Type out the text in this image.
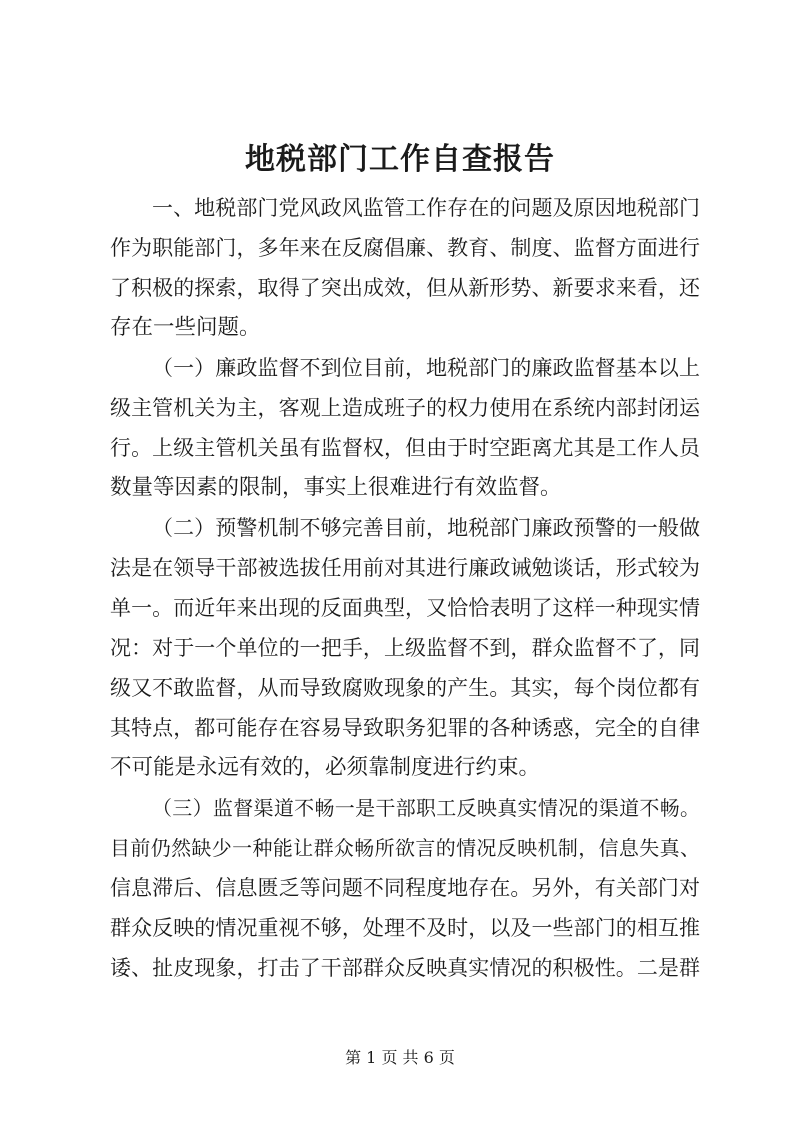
地税部门工作自查报告
一、地税部门党风政风监管工作存在的问题及原因地税部门
作为职能部门，多年来在反腐倡廉、教育、制度、监督方面进行
了积极的探索，取得了突出成效，但从新形势、新要求来看，还
存在一些问题。
（一）廉政监督不到位目前，地税部门的廉政监督基本以上
级主管机关为主，客观上造成班子的权力使用在系统内部封闭运
行。上级主管机关虽有监督权，但由于时空距离尤其是工作人员
数量等因素的限制，事实上很难进行有效监督。
（二）预警机制不够完善目前，地税部门廉政预警的一般做
法是在领导干部被选拔任用前对其进行廉政诫勉谈话，形式较为
单一。而近年来出现的反面典型，又恰恰表明了这样一种现实情
况：对于一个单位的一把手，上级监督不到，群众监督不了，同
级又不敢监督，从而导致腐败现象的产生。其实，每个岗位都有
其特点，都可能存在容易导致职务犯罪的各种诱惑，完全的自律
不可能是永远有效的，必须靠制度进行约束。
（三）监督渠道不畅一是干部职工反映真实情况的渠道不畅。
目前仍然缺少一种能让群众畅所欲言的情况反映机制，信息失真、
信息滞后、信息匮乏等问题不同程度地存在。另外，有关部门对
群众反映的情况重视不够，处理不及时，以及一些部门的相互推
诿、扯皮现象，打击了干部群众反映真实情况的积极性。二是群
第 1 页 共 6 页
